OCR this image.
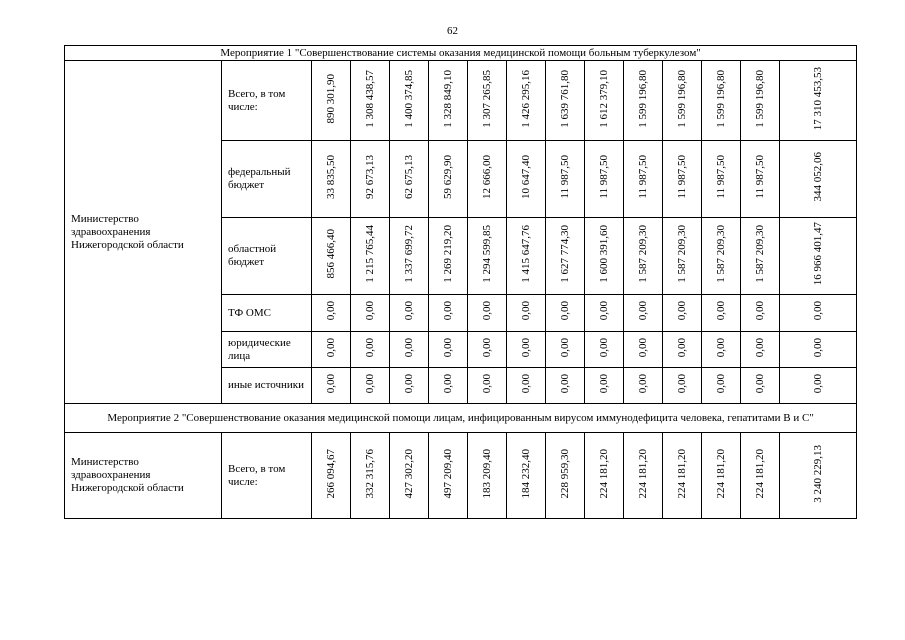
62
Мероприятие 1 "Совершенствование системы оказания медицинской помощи больным туберкулезом"														

Министерство здравоохранения Нижегородской области	Всего, в том числе:	890 301,90	1 308 438,57	1 400 374,85	1 328 849,10	1 307 265,85	1 426 295,16	1 639 761,80	1 612 379,10	1 599 196,80	1 599 196,80	1 599 196,80	1 599 196,80	17 310 453,53
	федеральный бюджет	33 835,50	92 673,13	62 675,13	59 629,90	12 666,00	10 647,40	11 987,50	11 987,50	11 987,50	11 987,50	11 987,50	11 987,50	344 052,06
	областной бюджет	856 466,40	1 215 765,44	1 337 699,72	1 269 219,20	1 294 599,85	1 415 647,76	1 627 774,30	1 600 391,60	1 587 209,30	1 587 209,30	1 587 209,30	1 587 209,30	16 966 401,47
	ТФ ОМС	0,00	0,00	0,00	0,00	0,00	0,00	0,00	0,00	0,00	0,00	0,00	0,00	0,00
	юридические лица	0,00	0,00	0,00	0,00	0,00	0,00	0,00	0,00	0,00	0,00	0,00	0,00	0,00
	иные источники	0,00	0,00	0,00	0,00	0,00	0,00	0,00	0,00	0,00	0,00	0,00	0,00	0,00
Мероприятие 2 "Совершенствование оказания медицинской помощи лицам, инфицированным вирусом иммунодефицита человека, гепатитами В и С"														

Министерство здравоохранения Нижегородской области	Всего, в том числе:	266 094,67	332 315,76	427 302,20	497 209,40	183 209,40	184 232,40	228 959,30	224 181,20	224 181,20	224 181,20	224 181,20	224 181,20	3 240 229,13
